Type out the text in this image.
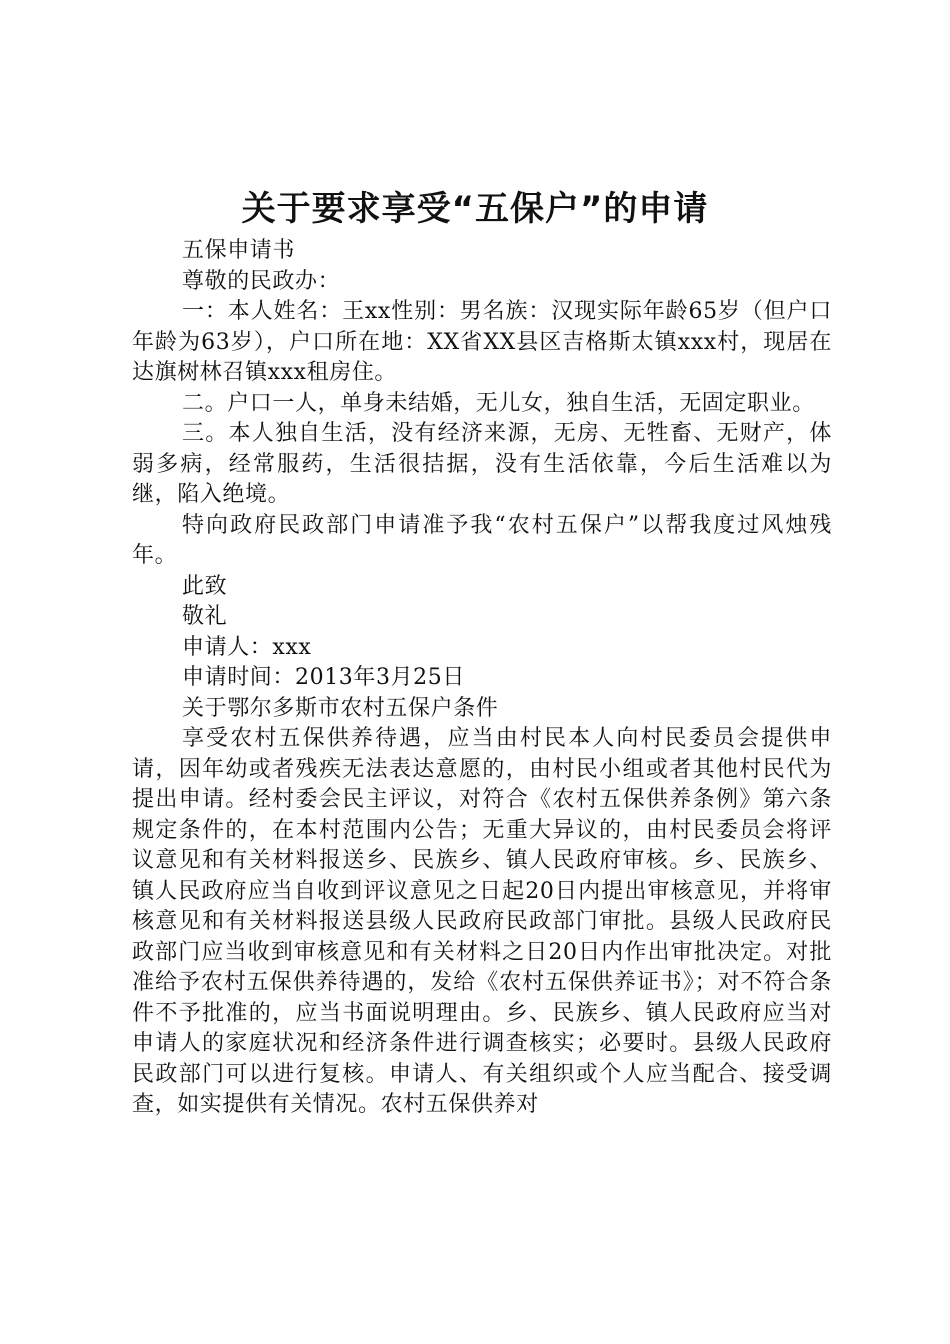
关于要求享受“五保户”的申请

五保申请书

尊敬的民政办：

一：本人姓名：王xx性别：男名族：汉现实际年龄65岁（但户口年龄为63岁），户口所在地：XX省XX县区吉格斯太镇xxx村，现居在达旗树林召镇xxx租房住。

二。户口一人，单身未结婚，无儿女，独自生活，无固定职业。

三。本人独自生活，没有经济来源，无房、无牲畜、无财产，体弱多病，经常服药，生活很拮据，没有生活依靠，今后生活难以为继，陷入绝境。

特向政府民政部门申请准予我“农村五保户”以帮我度过风烛残年。

此致

敬礼

申请人：xxx

申请时间：2013年3月25日

关于鄂尔多斯市农村五保户条件

享受农村五保供养待遇，应当由村民本人向村民委员会提供申请，因年幼或者残疾无法表达意愿的，由村民小组或者其他村民代为提出申请。经村委会民主评议，对符合《农村五保供养条例》第六条规定条件的，在本村范围内公告；无重大异议的，由村民委员会将评议意见和有关材料报送乡、民族乡、镇人民政府审核。乡、民族乡、镇人民政府应当自收到评议意见之日起20日内提出审核意见，并将审核意见和有关材料报送县级人民政府民政部门审批。县级人民政府民政部门应当收到审核意见和有关材料之日20日内作出审批决定。对批准给予农村五保供养待遇的，发给《农村五保供养证书》；对不符合条件不予批准的，应当书面说明理由。乡、民族乡、镇人民政府应当对申请人的家庭状况和经济条件进行调查核实；必要时。县级人民政府民政部门可以进行复核。申请人、有关组织或个人应当配合、接受调查，如实提供有关情况。农村五保供养对
